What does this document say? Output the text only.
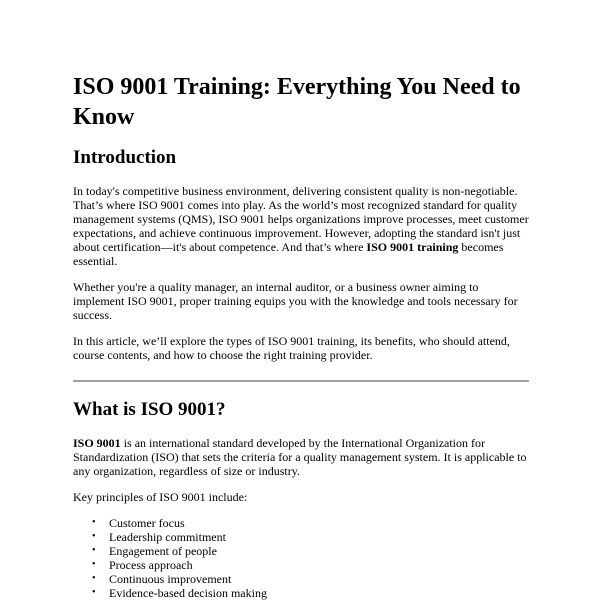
ISO 9001 Training: Everything You Need to Know
Introduction

In today's competitive business environment, delivering consistent quality is non-negotiable. That’s where ISO 9001 comes into play. As the world’s most recognized standard for quality management systems (QMS), ISO 9001 helps organizations improve processes, meet customer expectations, and achieve continuous improvement. However, adopting the standard isn't just about certification—it's about competence. And that’s where ISO 9001 training becomes essential.

Whether you're a quality manager, an internal auditor, or a business owner aiming to implement ISO 9001, proper training equips you with the knowledge and tools necessary for success.

In this article, we’ll explore the types of ISO 9001 training, its benefits, who should attend, course contents, and how to choose the right training provider.

What is ISO 9001?

ISO 9001 is an international standard developed by the International Organization for Standardization (ISO) that sets the criteria for a quality management system. It is applicable to any organization, regardless of size or industry.

Key principles of ISO 9001 include:

• Customer focus
• Leadership commitment
• Engagement of people
• Process approach
• Continuous improvement
• Evidence-based decision making
